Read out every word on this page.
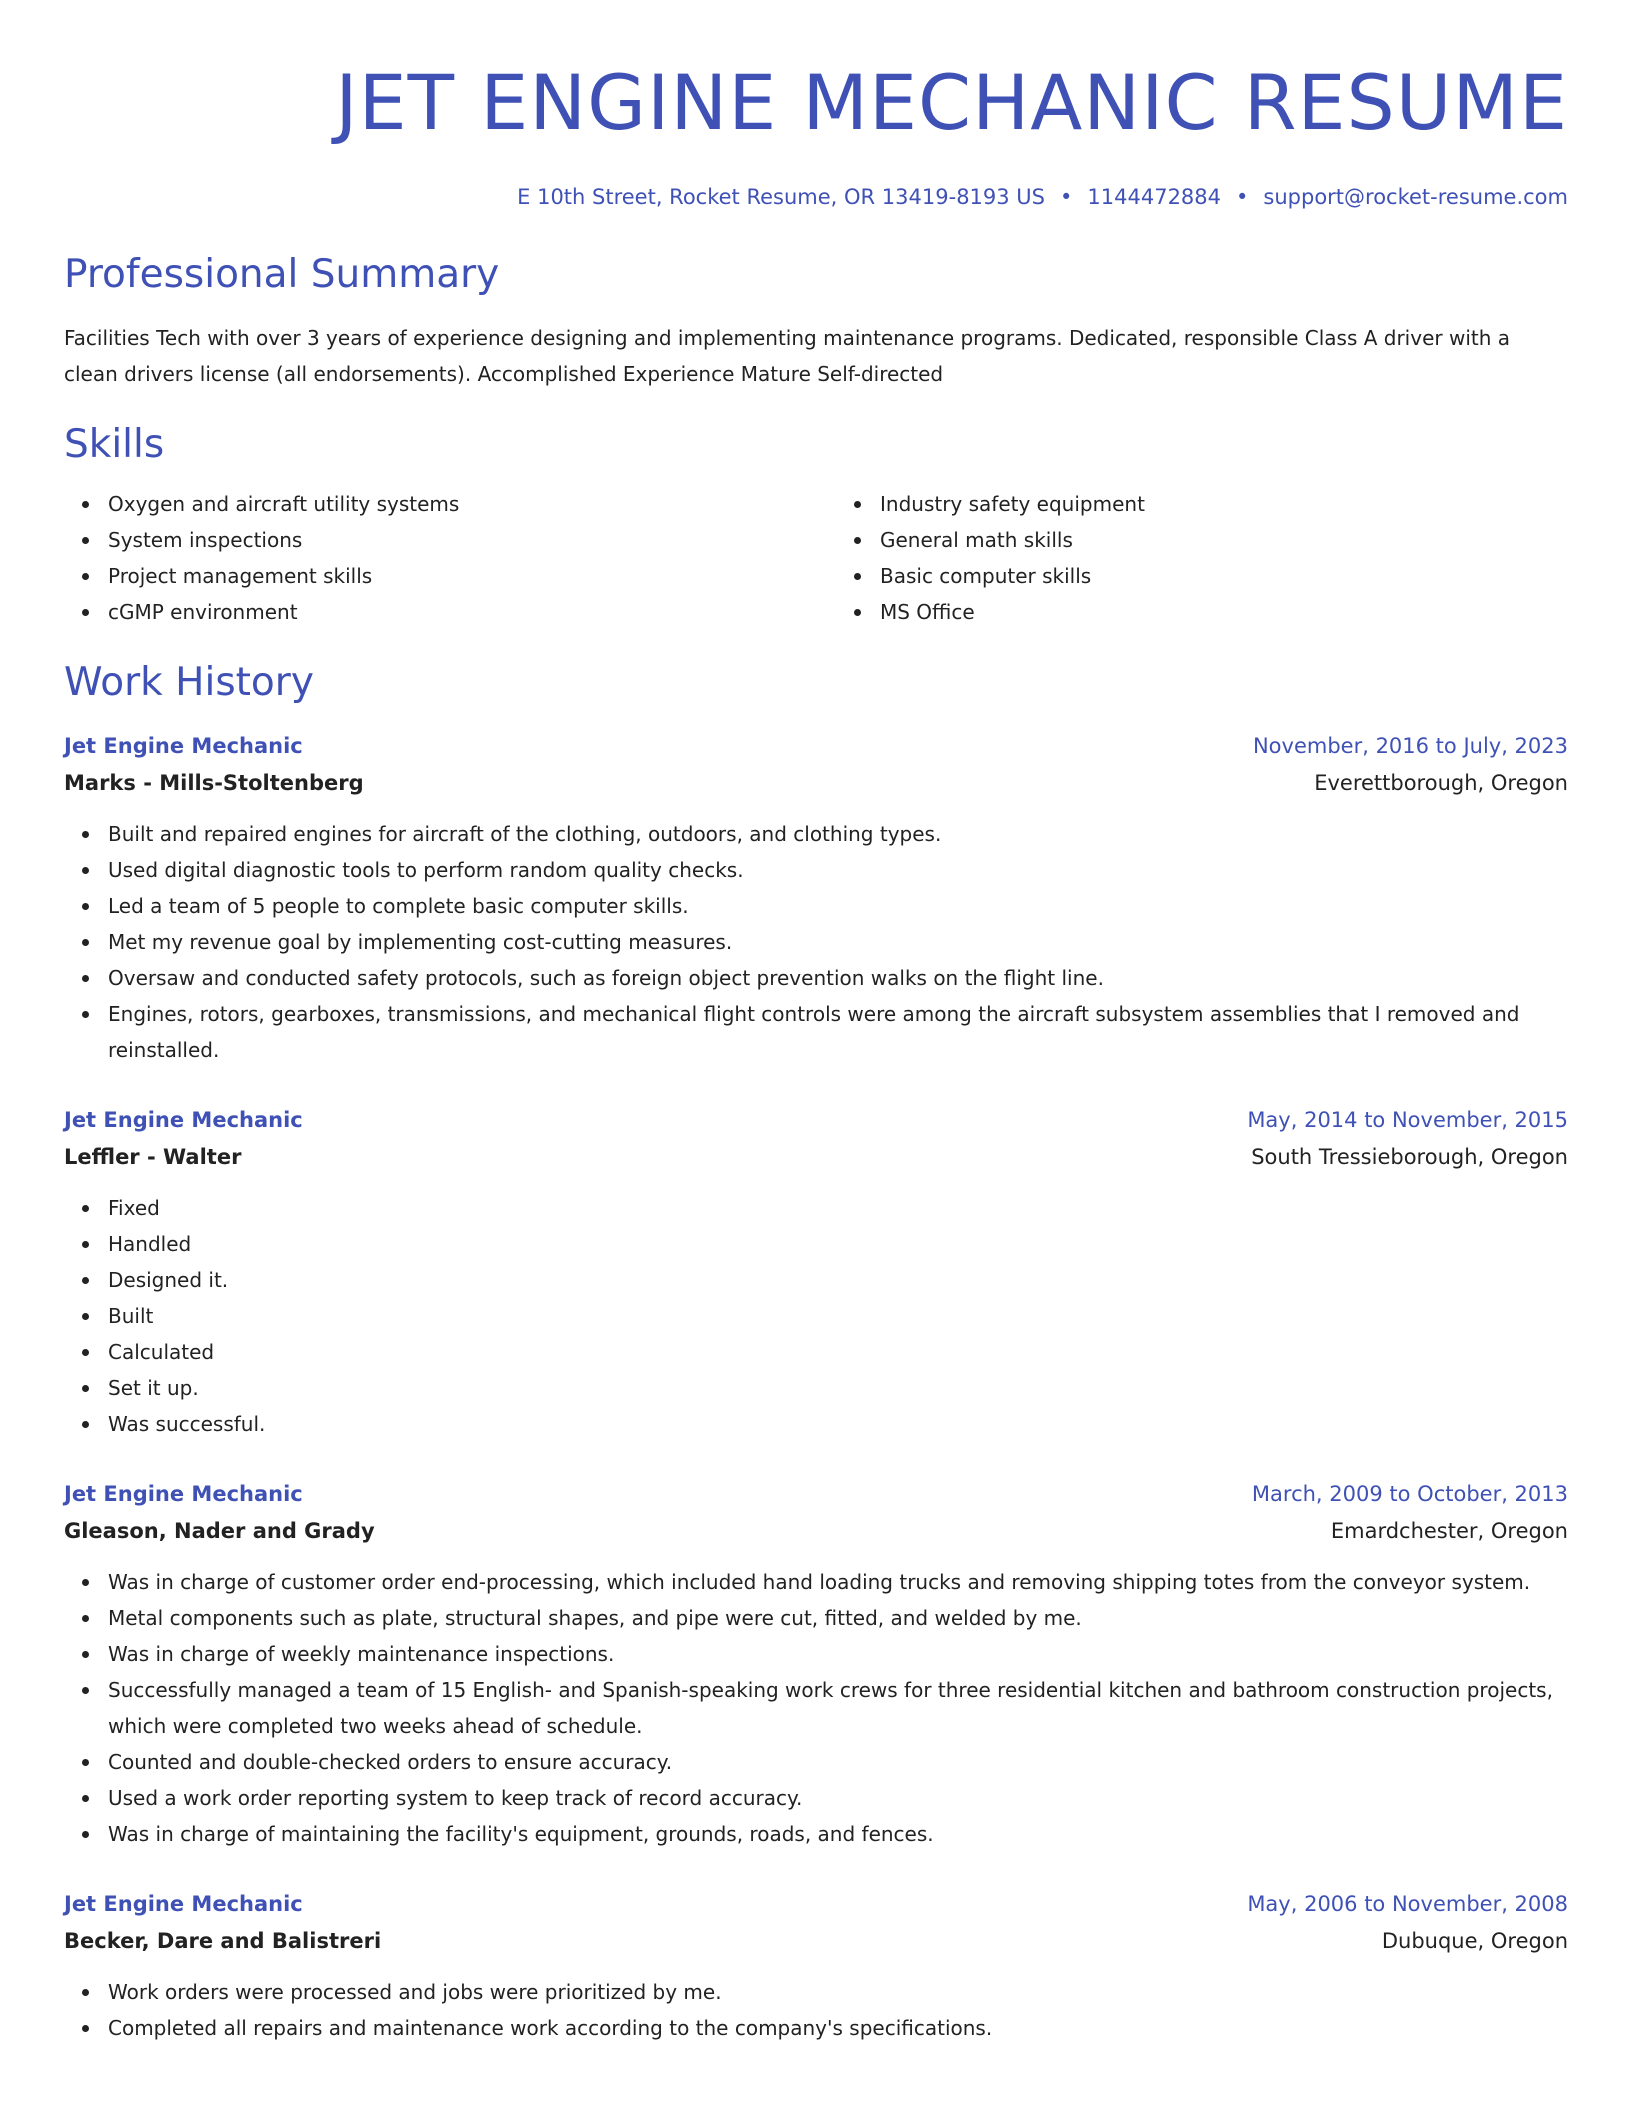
JET ENGINE MECHANIC RESUME
E 10th Street, Rocket Resume, OR 13419-8193 US • 1144472884 • support@rocket-resume.com
Professional Summary

Facilities Tech with over 3 years of experience designing and implementing maintenance programs. Dedicated, responsible Class A driver with a clean drivers license (all endorsements). Accomplished Experience Mature Self-directed

Skills
Oxygen and aircraft utility systems
System inspections
Project management skills
cGMP environment
Industry safety equipment
General math skills
Basic computer skills
MS Office
Work History
Jet Engine Mechanic	November, 2016 to July, 2023
Marks - Mills-Stoltenberg	Everettborough, Oregon
Built and repaired engines for aircraft of the clothing, outdoors, and clothing types.
Used digital diagnostic tools to perform random quality checks.
Led a team of 5 people to complete basic computer skills.
Met my revenue goal by implementing cost-cutting measures.
Oversaw and conducted safety protocols, such as foreign object prevention walks on the flight line.
Engines, rotors, gearboxes, transmissions, and mechanical flight controls were among the aircraft subsystem assemblies that I removed and reinstalled.
Jet Engine Mechanic	May, 2014 to November, 2015
Leffler - Walter	South Tressieborough, Oregon
Fixed
Handled
Designed it.
Built
Calculated
Set it up.
Was successful.
Jet Engine Mechanic	March, 2009 to October, 2013
Gleason, Nader and Grady	Emardchester, Oregon
Was in charge of customer order end-processing, which included hand loading trucks and removing shipping totes from the conveyor system.
Metal components such as plate, structural shapes, and pipe were cut, fitted, and welded by me.
Was in charge of weekly maintenance inspections.
Successfully managed a team of 15 English- and Spanish-speaking work crews for three residential kitchen and bathroom construction projects, which were completed two weeks ahead of schedule.
Counted and double-checked orders to ensure accuracy.
Used a work order reporting system to keep track of record accuracy.
Was in charge of maintaining the facility's equipment, grounds, roads, and fences.
Jet Engine Mechanic	May, 2006 to November, 2008
Becker, Dare and Balistreri	Dubuque, Oregon
Work orders were processed and jobs were prioritized by me.
Completed all repairs and maintenance work according to the company's specifications.
